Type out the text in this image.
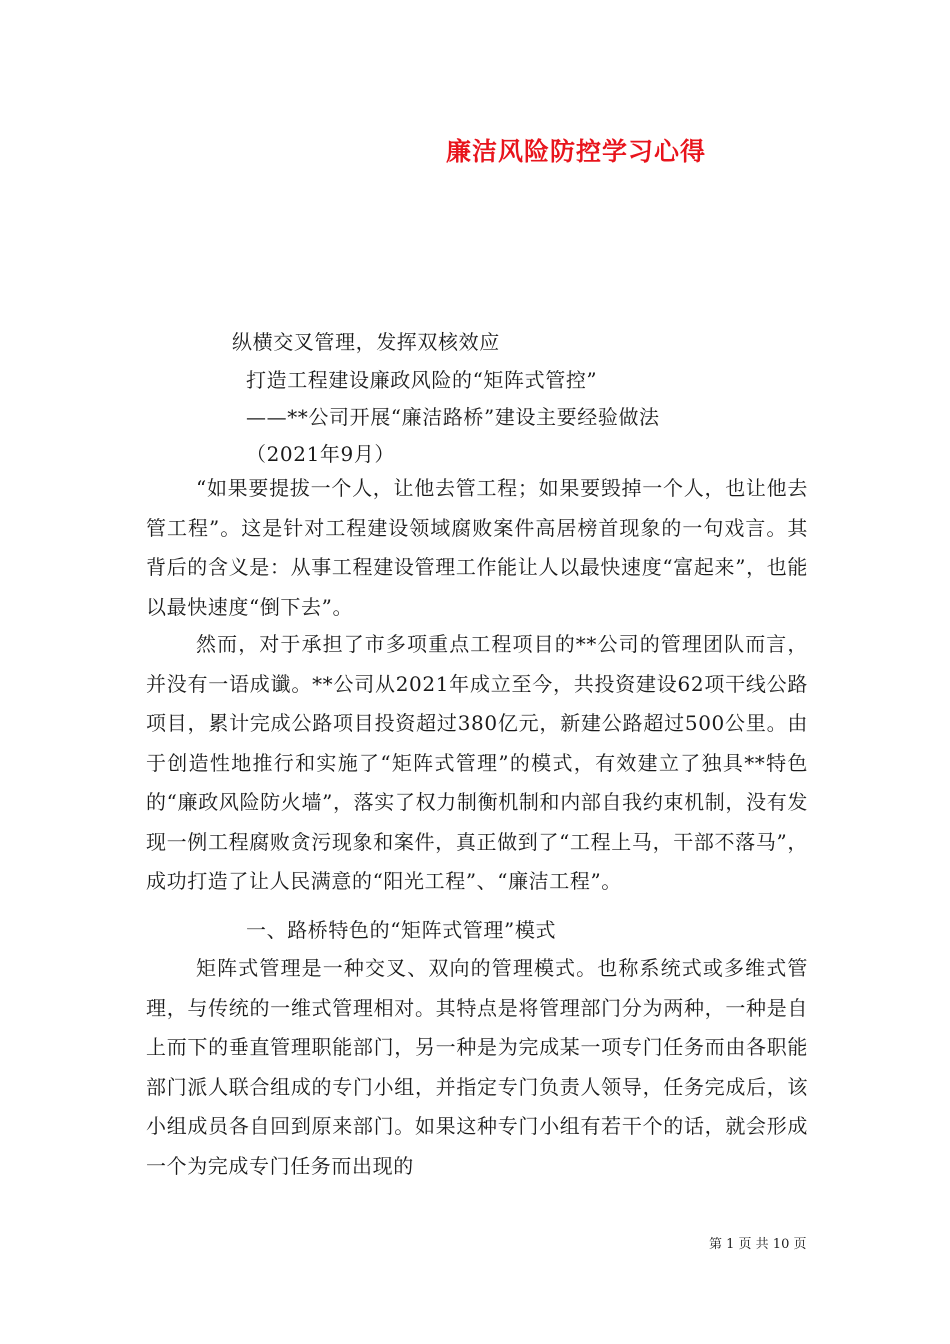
廉洁风险防控学习心得
纵横交叉管理，发挥双核效应
打造工程建设廉政风险的“矩阵式管控”
——**公司开展“廉洁路桥”建设主要经验做法
（2021年9月）
“如果要提拔一个人，让他去管工程；如果要毁掉一个人，也让他去管工程”。这是针对工程建设领域腐败案件高居榜首现象的一句戏言。其背后的含义是：从事工程建设管理工作能让人以最快速度“富起来”，也能以最快速度“倒下去”。
然而，对于承担了市多项重点工程项目的**公司的管理团队而言，并没有一语成谶。**公司从2021年成立至今，共投资建设62项干线公路项目，累计完成公路项目投资超过380亿元，新建公路超过500公里。由于创造性地推行和实施了“矩阵式管理”的模式，有效建立了独具**特色的“廉政风险防火墙”，落实了权力制衡机制和内部自我约束机制，没有发现一例工程腐败贪污现象和案件，真正做到了“工程上马，干部不落马”，成功打造了让人民满意的“阳光工程”、“廉洁工程”。
一、路桥特色的“矩阵式管理”模式
矩阵式管理是一种交叉、双向的管理模式。也称系统式或多维式管理，与传统的一维式管理相对。其特点是将管理部门分为两种，一种是自上而下的垂直管理职能部门，另一种是为完成某一项专门任务而由各职能部门派人联合组成的专门小组，并指定专门负责人领导，任务完成后，该小组成员各自回到原来部门。如果这种专门小组有若干个的话，就会形成一个为完成专门任务而出现的
第 1 页 共 10 页
